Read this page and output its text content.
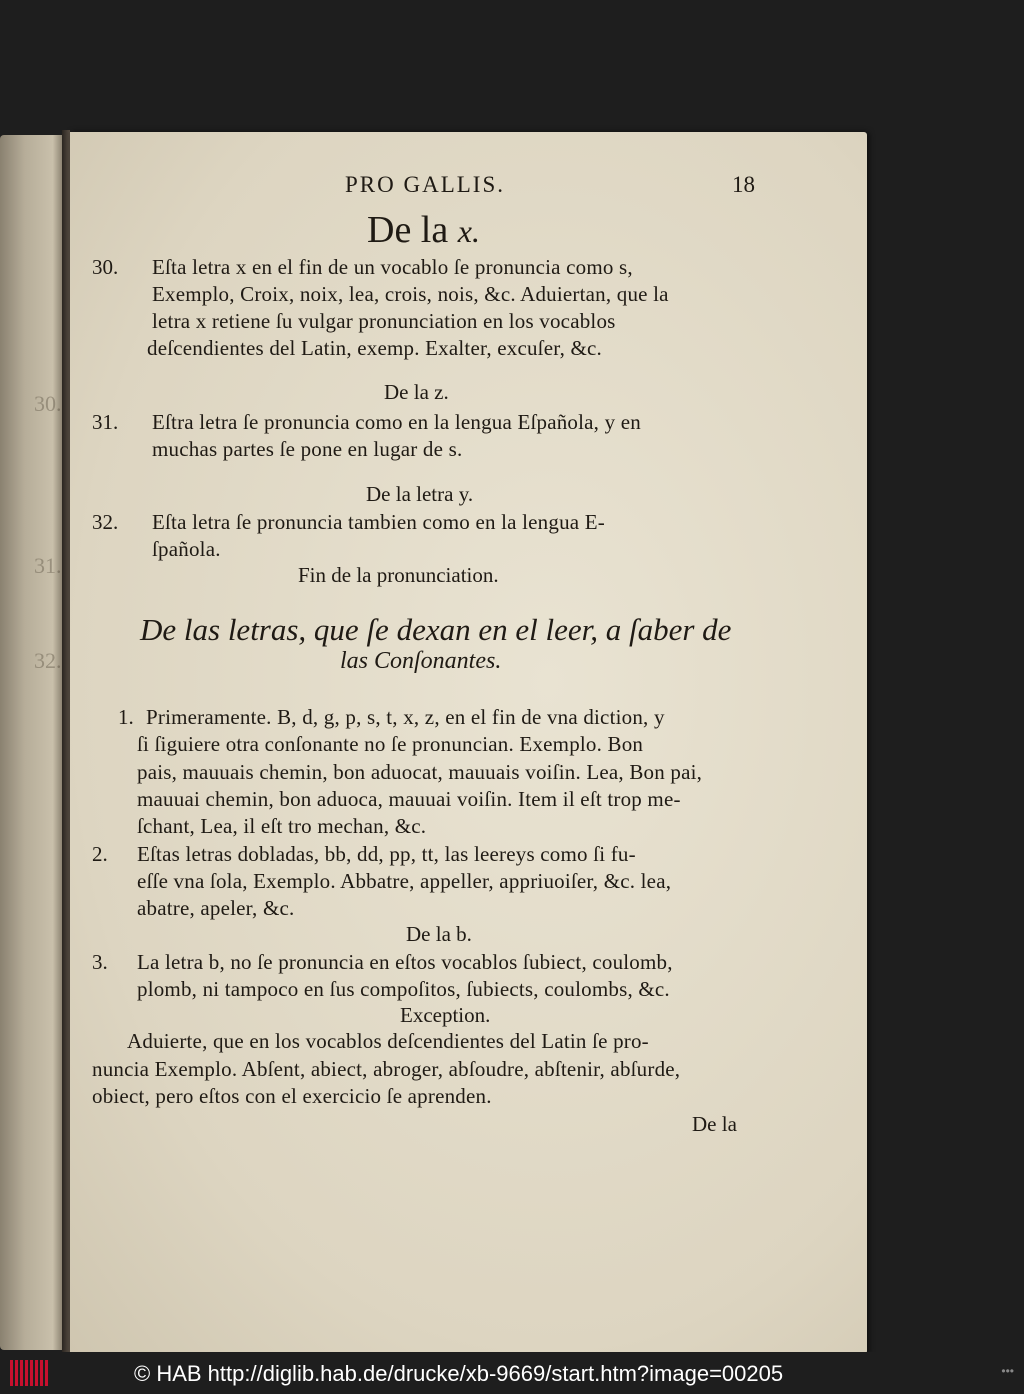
30.
31.
32.
PRO GALLIS.	18
De la x.
30. Eſta letra x en el fin de un vocablo ſe pronuncia como s,
Exemplo, Croix, noix, lea, crois, nois, &c. Aduiertan, que la
letra x retiene ſu vulgar pronunciation en los vocablos
deſcendientes del Latin, exemp. Exalter, excuſer, &c.
De la z.
31. Eſtra letra ſe pronuncia como en la lengua Eſpañola, y en
muchas partes ſe pone en lugar de s.
De la letra y.
32. Eſta letra ſe pronuncia tambien como en la lengua E-
ſpañola.
Fin de la pronunciation.
De las letras, que ſe dexan en el leer, a ſaber de
las Conſonantes.
1. Primeramente. B, d, g, p, s, t, x, z, en el fin de vna diction, y
ſi ſiguiere otra conſonante no ſe pronuncian. Exemplo. Bon
pais, mauuais chemin, bon aduocat, mauuais voiſin. Lea, Bon pai,
mauuai chemin, bon aduoca, mauuai voiſin. Item il eſt trop me-
ſchant, Lea, il eſt tro mechan, &c.
2. Eſtas letras dobladas, bb, dd, pp, tt, las leereys como ſi fu-
eſſe vna ſola, Exemplo. Abbatre, appeller, appriuoiſer, &c. lea,
abatre, apeler, &c.
De la b.
3. La letra b, no ſe pronuncia en eſtos vocablos ſubiect, coulomb,
plomb, ni tampoco en ſus compoſitos, ſubiects, coulombs, &c.
Exception.
Aduierte, que en los vocablos deſcendientes del Latin ſe pro-
nuncia Exemplo. Abſent, abiect, abroger, abſoudre, abſtenir, abſurde,
obiect, pero eſtos con el exercicio ſe aprenden.
De la
© HAB http://diglib.hab.de/drucke/xb-9669/start.htm?image=00205	•••
